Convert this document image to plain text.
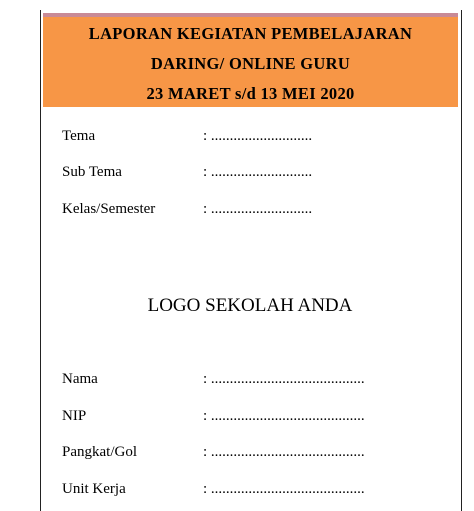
LAPORAN KEGIATAN PEMBELAJARAN
DARING/ ONLINE GURU
23 MARET s/d 13 MEI 2020
Tema	: ...........................
Sub Tema	: ...........................
Kelas/Semester	: ...........................
LOGO SEKOLAH ANDA
Nama	: .........................................
NIP	: .........................................
Pangkat/Gol	: .........................................
Unit Kerja	: .........................................
